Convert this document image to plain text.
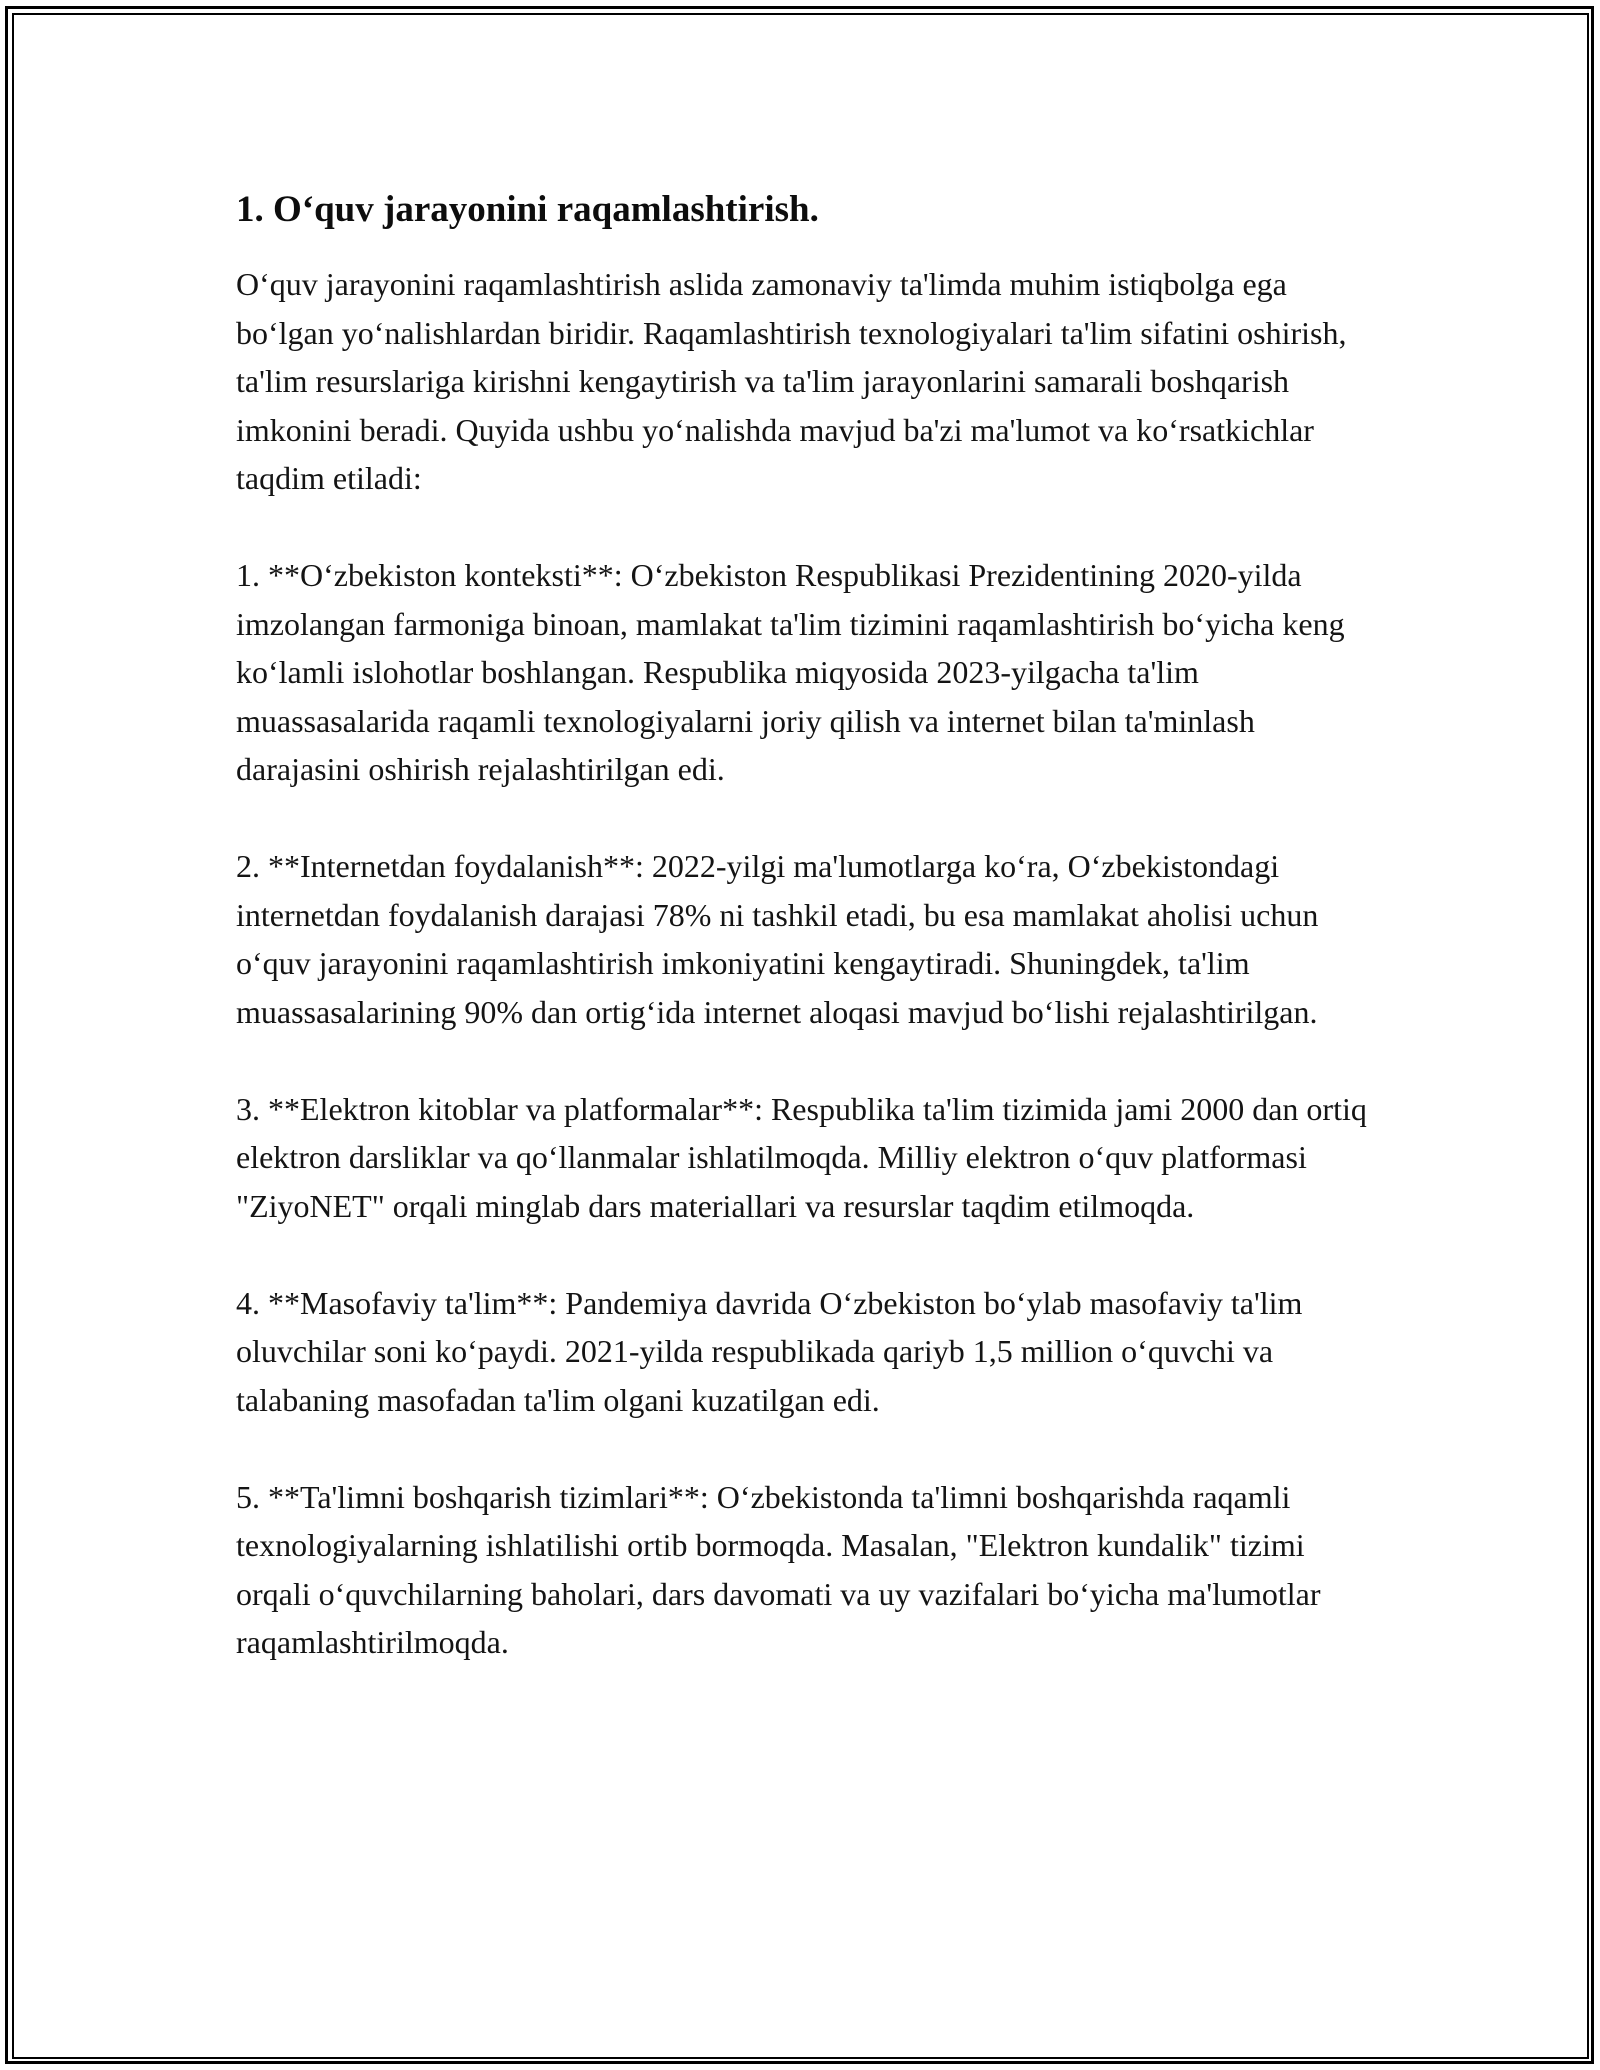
1. O‘quv jarayonini raqamlashtirish.

O‘quv jarayonini raqamlashtirish aslida zamonaviy ta'limda muhim istiqbolga ega bo‘lgan yo‘nalishlardan biridir. Raqamlashtirish texnologiyalari ta'lim sifatini oshirish, ta'lim resurslariga kirishni kengaytirish va ta'lim jarayonlarini samarali boshqarish imkonini beradi. Quyida ushbu yo‘nalishda mavjud ba'zi ma'lumot va ko‘rsatkichlar taqdim etiladi:

1. **O‘zbekiston konteksti**: O‘zbekiston Respublikasi Prezidentining 2020-yilda imzolangan farmoniga binoan, mamlakat ta'lim tizimini raqamlashtirish bo‘yicha keng ko‘lamli islohotlar boshlangan. Respublika miqyosida 2023-yilgacha ta'lim muassasalarida raqamli texnologiyalarni joriy qilish va internet bilan ta'minlash darajasini oshirish rejalashtirilgan edi.

2. **Internetdan foydalanish**: 2022-yilgi ma'lumotlarga ko‘ra, O‘zbekistondagi internetdan foydalanish darajasi 78% ni tashkil etadi, bu esa mamlakat aholisi uchun o‘quv jarayonini raqamlashtirish imkoniyatini kengaytiradi. Shuningdek, ta'lim muassasalarining 90% dan ortig‘ida internet aloqasi mavjud bo‘lishi rejalashtirilgan.

3. **Elektron kitoblar va platformalar**: Respublika ta'lim tizimida jami 2000 dan ortiq elektron darsliklar va qo‘llanmalar ishlatilmoqda. Milliy elektron o‘quv platformasi "ZiyoNET" orqali minglab dars materiallari va resurslar taqdim etilmoqda.

4. **Masofaviy ta'lim**: Pandemiya davrida O‘zbekiston bo‘ylab masofaviy ta'lim oluvchilar soni ko‘paydi. 2021-yilda respublikada qariyb 1,5 million o‘quvchi va talabaning masofadan ta'lim olgani kuzatilgan edi.

5. **Ta'limni boshqarish tizimlari**: O‘zbekistonda ta'limni boshqarishda raqamli texnologiyalarning ishlatilishi ortib bormoqda. Masalan, "Elektron kundalik" tizimi orqali o‘quvchilarning baholari, dars davomati va uy vazifalari bo‘yicha ma'lumotlar raqamlashtirilmoqda.
